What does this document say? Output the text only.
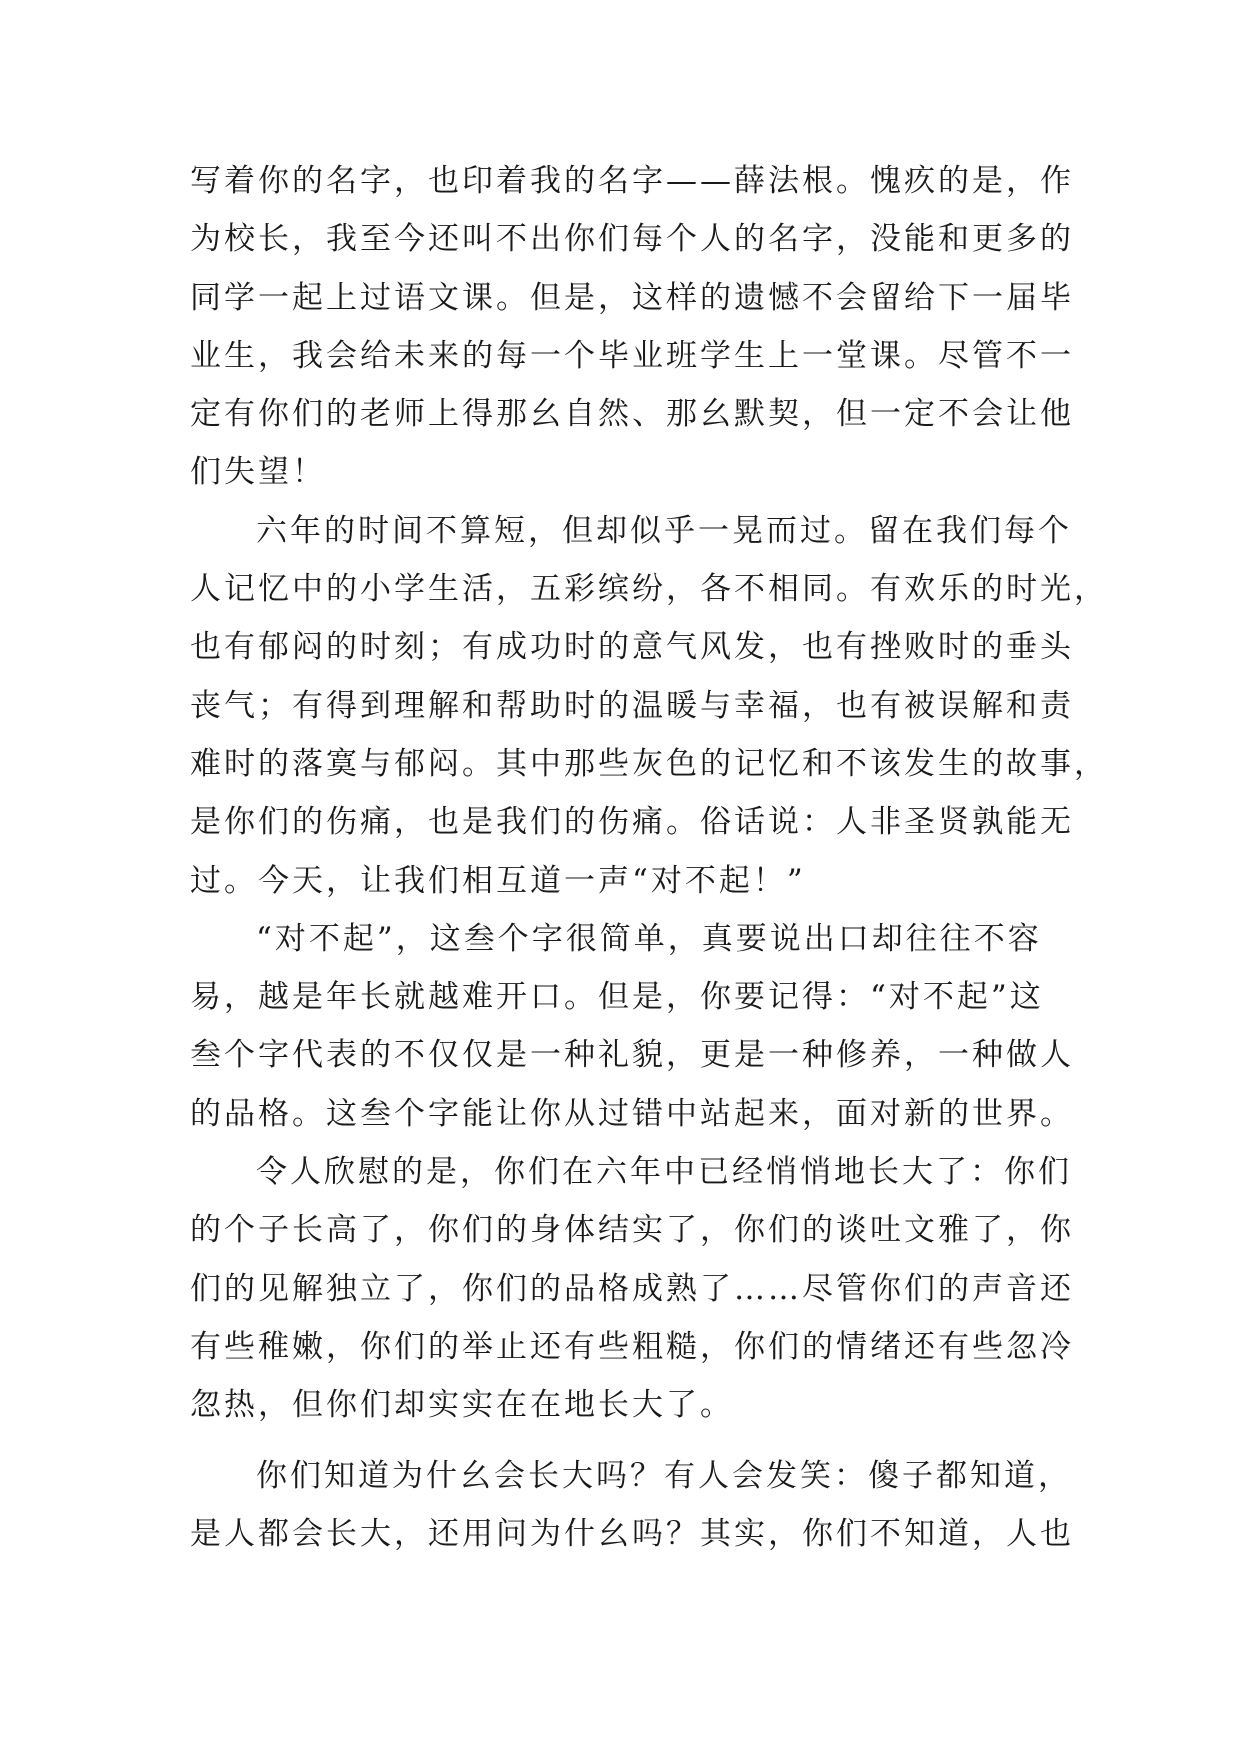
写着你的名字，也印着我的名字——薛法根。愧疚的是，作
为校长，我至今还叫不出你们每个人的名字，没能和更多的
同学一起上过语文课。但是，这样的遗憾不会留给下一届毕
业生，我会给未来的每一个毕业班学生上一堂课。尽管不一
定有你们的老师上得那幺自然、那幺默契，但一定不会让他
们失望！
六年的时间不算短，但却似乎一晃而过。留在我们每个
人记忆中的小学生活，五彩缤纷，各不相同。有欢乐的时光，
也有郁闷的时刻；有成功时的意气风发，也有挫败时的垂头
丧气；有得到理解和帮助时的温暖与幸福，也有被误解和责
难时的落寞与郁闷。其中那些灰色的记忆和不该发生的故事，
是你们的伤痛，也是我们的伤痛。俗话说：人非圣贤孰能无
过。今天，让我们相互道一声“对不起！”
“对不起”，这叁个字很简单，真要说出口却往往不容
易，越是年长就越难开口。但是，你要记得：“对不起”这
叁个字代表的不仅仅是一种礼貌，更是一种修养，一种做人
的品格。这叁个字能让你从过错中站起来，面对新的世界。
令人欣慰的是，你们在六年中已经悄悄地长大了：你们
的个子长高了，你们的身体结实了，你们的谈吐文雅了，你
们的见解独立了，你们的品格成熟了……尽管你们的声音还
有些稚嫩，你们的举止还有些粗糙，你们的情绪还有些忽冷
忽热，但你们却实实在在地长大了。
你们知道为什幺会长大吗？有人会发笑：傻子都知道，
是人都会长大，还用问为什幺吗？其实，你们不知道，人也
